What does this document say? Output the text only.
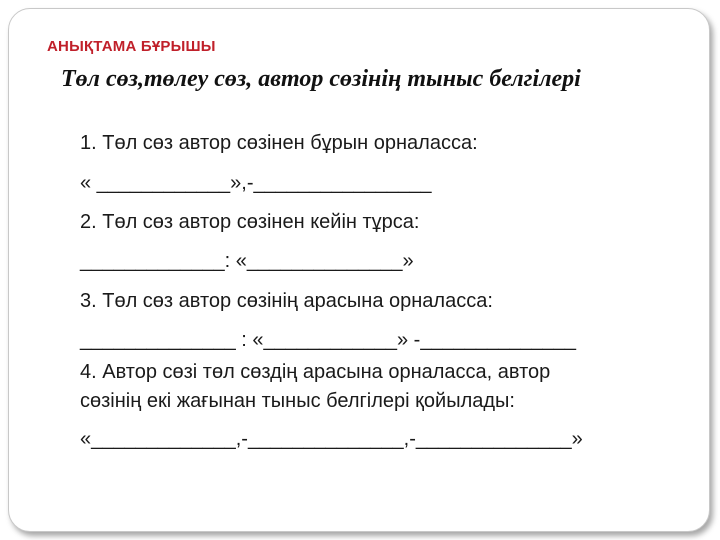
АНЫҚТАМА БҰРЫШЫ
Төл сөз,төлеу сөз, автор сөзінің тыныс белгілері
1. Төл сөз автор сөзінен бұрын орналасса:
« ____________»,-________________
2. Төл сөз автор сөзінен кейін тұрса:
_____________: «______________»
3. Төл сөз автор сөзінің арасына орналасса:
______________ : «____________» -______________
4. Автор сөзі төл сөздің арасына орналасса, автор
сөзінің екі жағынан тыныс белгілері қойылады:
«_____________,-______________,-______________»
